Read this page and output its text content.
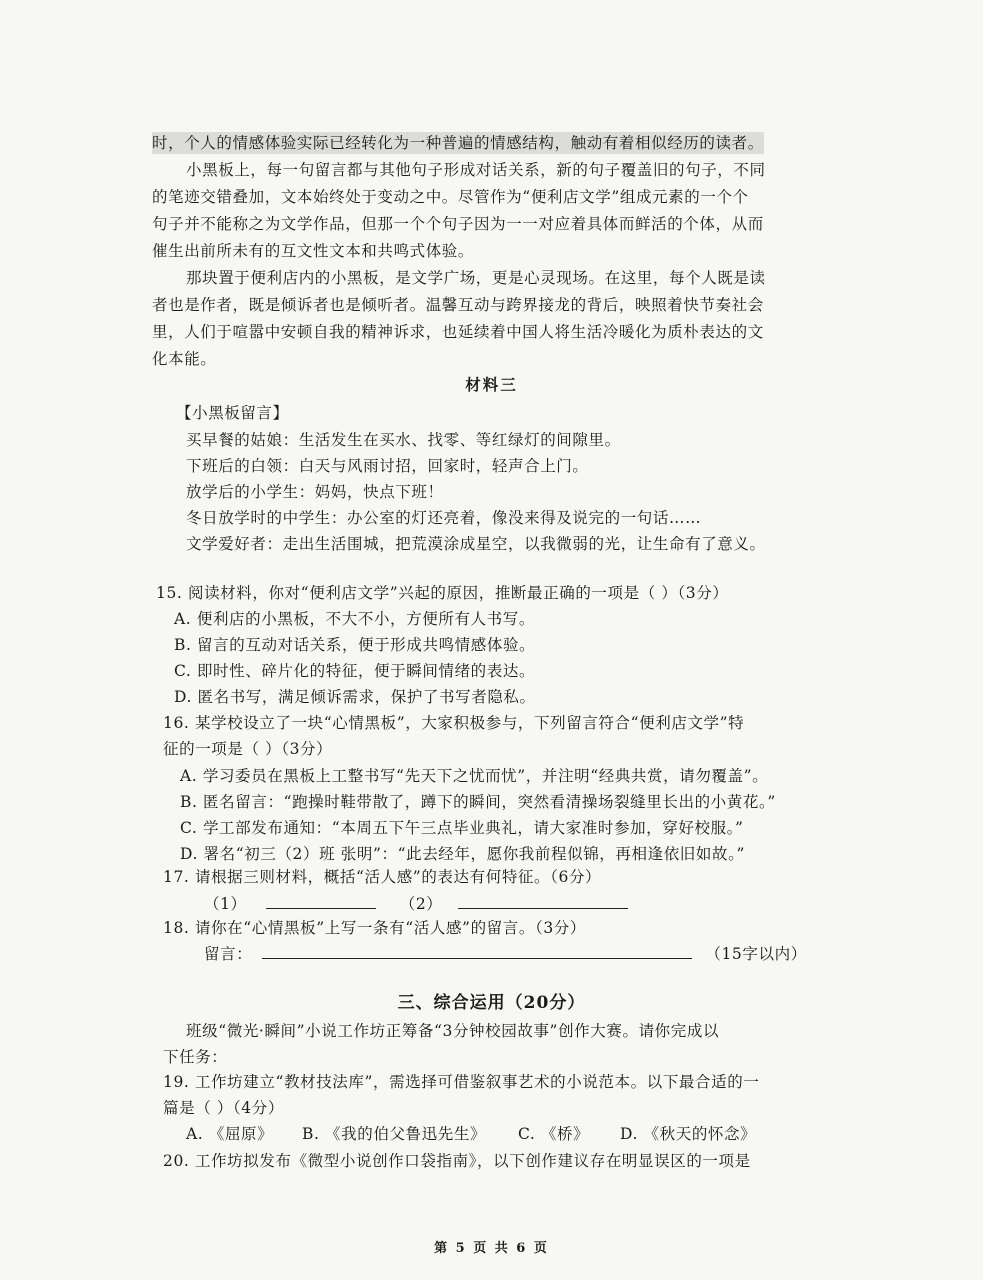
时，个人的情感体验实际已经转化为一种普遍的情感结构，触动有着相似经历的读者。
小黑板上，每一句留言都与其他句子形成对话关系，新的句子覆盖旧的句子，不同
的笔迹交错叠加，文本始终处于变动之中。尽管作为“便利店文学”组成元素的一个个
句子并不能称之为文学作品，但那一个个句子因为一一对应着具体而鲜活的个体，从而
催生出前所未有的互文性文本和共鸣式体验。
那块置于便利店内的小黑板，是文学广场，更是心灵现场。在这里，每个人既是读
者也是作者，既是倾诉者也是倾听者。温馨互动与跨界接龙的背后，映照着快节奏社会
里，人们于喧嚣中安顿自我的精神诉求，也延续着中国人将生活冷暖化为质朴表达的文
化本能。
材料三
【小黑板留言】
买早餐的姑娘：生活发生在买水、找零、等红绿灯的间隙里。
下班后的白领：白天与风雨讨招，回家时，轻声合上门。
放学后的小学生：妈妈，快点下班！
冬日放学时的中学生：办公室的灯还亮着，像没来得及说完的一句话……
文学爱好者：走出生活围城，把荒漠涂成星空，以我微弱的光，让生命有了意义。
15. 阅读材料，你对“便利店文学”兴起的原因，推断最正确的一项是（ ）（3分）
A. 便利店的小黑板，不大不小，方便所有人书写。
B. 留言的互动对话关系，便于形成共鸣情感体验。
C. 即时性、碎片化的特征，便于瞬间情绪的表达。
D. 匿名书写，满足倾诉需求，保护了书写者隐私。
16. 某学校设立了一块“心情黑板”，大家积极参与，下列留言符合“便利店文学”特
征的一项是（ ）（3分）
A. 学习委员在黑板上工整书写“先天下之忧而忧”，并注明“经典共赏，请勿覆盖”。
B. 匿名留言：“跑操时鞋带散了，蹲下的瞬间，突然看清操场裂缝里长出的小黄花。”
C. 学工部发布通知：“本周五下午三点毕业典礼，请大家准时参加，穿好校服。”
D. 署名“初三（2）班 张明”：“此去经年，愿你我前程似锦，再相逢依旧如故。”
17. 请根据三则材料，概括“活人感”的表达有何特征。（6分）
（1）	（2）
18. 请你在“心情黑板”上写一条有“活人感”的留言。（3分）
留言：	（15字以内）
三、综合运用（20分）
班级“微光·瞬间”小说工作坊正筹备“3分钟校园故事”创作大赛。请你完成以
下任务：
19. 工作坊建立“教材技法库”，需选择可借鉴叙事艺术的小说范本。以下最合适的一
篇是（ ）（4分）
A. 《屈原》 B. 《我的伯父鲁迅先生》 C. 《桥》 D. 《秋天的怀念》
20. 工作坊拟发布《微型小说创作口袋指南》，以下创作建议存在明显误区的一项是
第 5 页 共 6 页
